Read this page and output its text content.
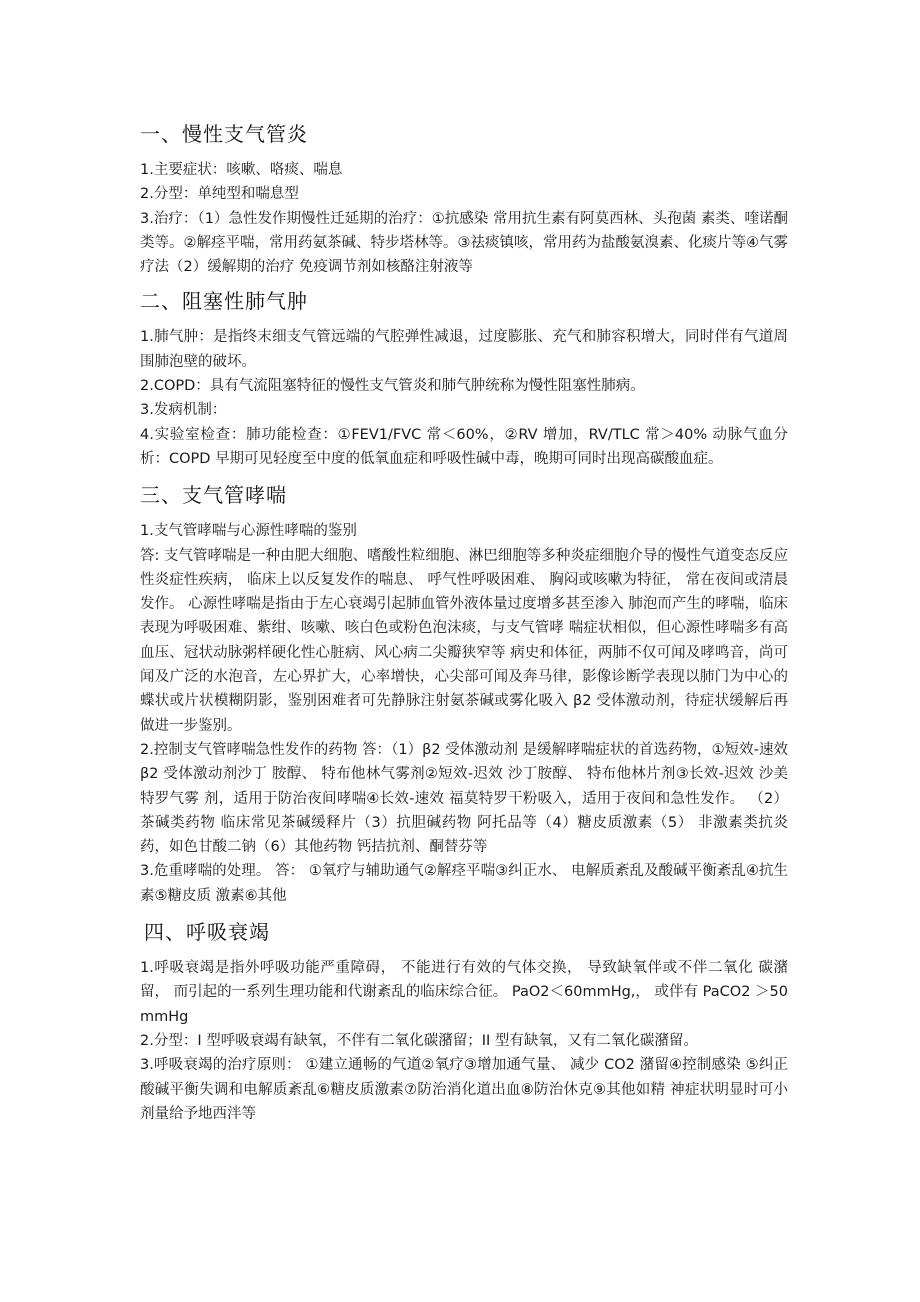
一、慢性支气管炎

1.主要症状：咳嗽、咯痰、喘息

2.分型：单纯型和喘息型

3.治疗：（1）急性发作期慢性迁延期的治疗：①抗感染 常用抗生素有阿莫西林、头孢菌 素类、喹诺酮类等。②解痉平喘，常用药氨茶碱、特步塔林等。③祛痰镇咳，常用药为盐酸氨溴素、化痰片等④气雾疗法（2）缓解期的治疗 免疫调节剂如核酪注射液等

二、阻塞性肺气肿

1.肺气肿：是指终末细支气管远端的气腔弹性减退，过度膨胀、充气和肺容积增大，同时伴有气道周围肺泡壁的破坏。

2.COPD：具有气流阻塞特征的慢性支气管炎和肺气肿统称为慢性阻塞性肺病。

3.发病机制：

4.实验室检查：肺功能检查：①FEV1/FVC 常＜60%，②RV 增加，RV/TLC 常＞40% 动脉气血分析：COPD 早期可见轻度至中度的低氧血症和呼吸性碱中毒，晚期可同时出现高碳酸血症。

三、支气管哮喘

1.支气管哮喘与心源性哮喘的鉴别

答: 支气管哮喘是一种由肥大细胞、嗜酸性粒细胞、淋巴细胞等多种炎症细胞介导的慢性气道变态反应性炎症性疾病， 临床上以反复发作的喘息、 呼气性呼吸困难、 胸闷或咳嗽为特征， 常在夜间或清晨发作。 心源性哮喘是指由于左心衰竭引起肺血管外液体量过度增多甚至渗入 肺泡而产生的哮喘，临床表现为呼吸困难、紫绀、咳嗽、咳白色或粉色泡沫痰，与支气管哮 喘症状相似，但心源性哮喘多有高血压、冠状动脉粥样硬化性心脏病、风心病二尖瓣狭窄等 病史和体征，两肺不仅可闻及哮鸣音，尚可闻及广泛的水泡音，左心界扩大，心率增快，心尖部可闻及奔马律，影像诊断学表现以肺门为中心的蝶状或片状模糊阴影，鉴别困难者可先静脉注射氨茶碱或雾化吸入 β2 受体激动剂，待症状缓解后再做进一步鉴别。

2.控制支气管哮喘急性发作的药物 答：（1）β2 受体激动剂 是缓解哮喘症状的首选药物，①短效-速效 β2 受体激动剂沙丁 胺醇、 特布他林气雾剂②短效-迟效 沙丁胺醇、 特布他林片剂③长效-迟效 沙美特罗气雾 剂，适用于防治夜间哮喘④长效-速效 福莫特罗干粉吸入，适用于夜间和急性发作。 （2）茶碱类药物 临床常见茶碱缓释片（3）抗胆碱药物 阿托品等（4）糖皮质激素（5） 非激素类抗炎药，如色甘酸二钠（6）其他药物 钙拮抗剂、酮替芬等

3.危重哮喘的处理。 答： ①氧疗与辅助通气②解痉平喘③纠正水、 电解质紊乱及酸碱平衡紊乱④抗生素⑤糖皮质 激素⑥其他

四、呼吸衰竭

1.呼吸衰竭是指外呼吸功能严重障碍， 不能进行有效的气体交换， 导致缺氧伴或不伴二氧化 碳潴留， 而引起的一系列生理功能和代谢紊乱的临床综合征。 PaO2＜60mmHg,， 或伴有 PaCO2 ＞50mmHg

2.分型：I 型呼吸衰竭有缺氧，不伴有二氧化碳潴留；II 型有缺氧，又有二氧化碳潴留。

3.呼吸衰竭的治疗原则： ①建立通畅的气道②氧疗③增加通气量、 减少 CO2 潴留④控制感染 ⑤纠正酸碱平衡失调和电解质紊乱⑥糖皮质激素⑦防治消化道出血⑧防治休克⑨其他如精 神症状明显时可小剂量给予地西泮等
